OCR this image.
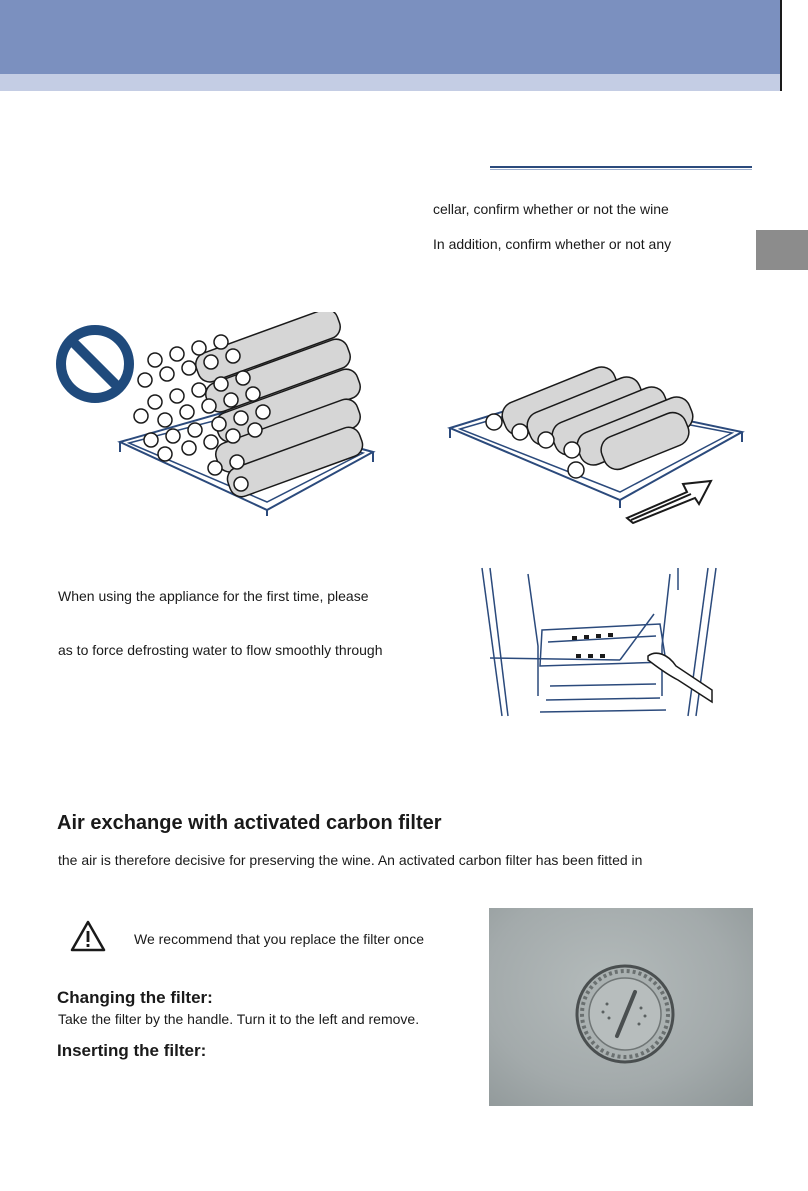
cellar, confirm whether or not the wine

In addition, confirm whether or not any

When using the appliance for the first time, please

as to force defrosting water to flow smoothly through

Air exchange with activated carbon filter

the air is therefore decisive for preserving the wine. An activated carbon filter has been fitted in

We recommend that you replace the filter once

Changing the filter:

Take the filter by the handle. Turn it to the left and remove.

Inserting the filter:
